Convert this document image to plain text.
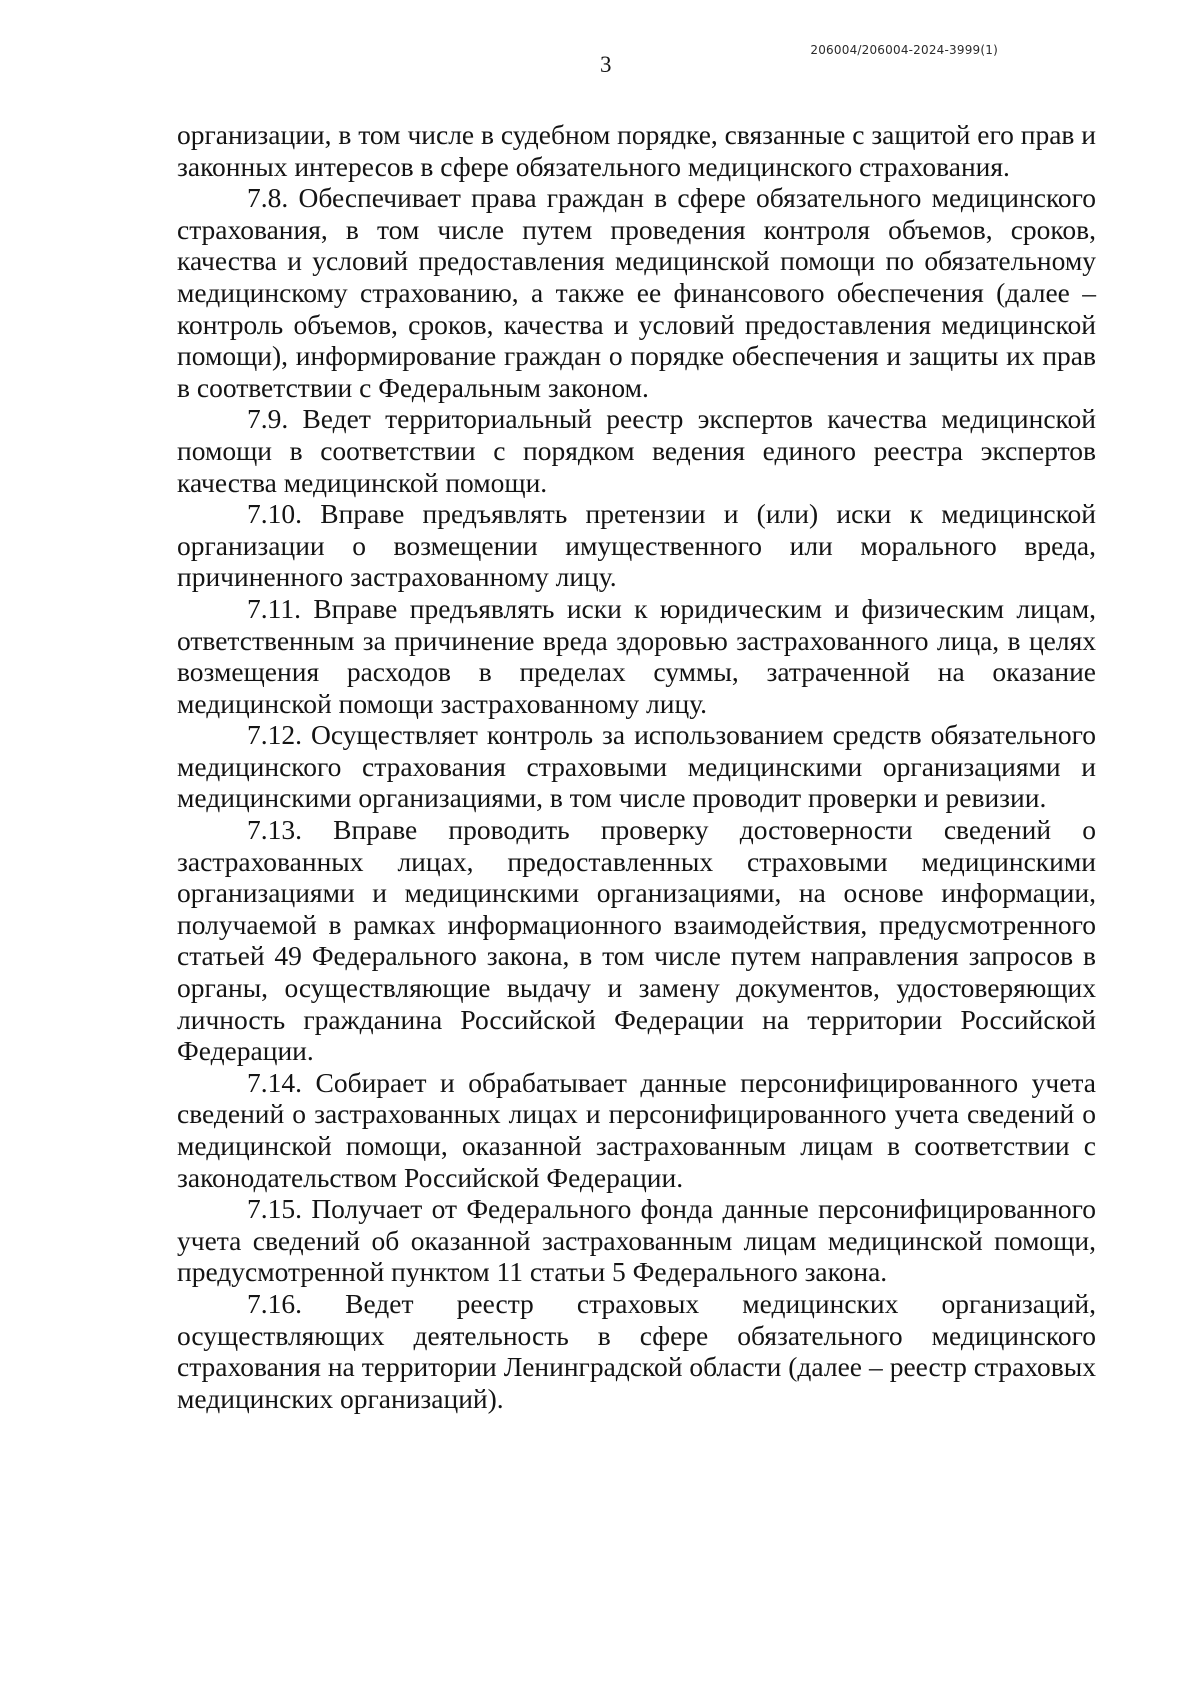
206004/206004-2024-3999(1)
3

организации, в том числе в судебном порядке, связанные с защитой его прав и законных интересов в сфере обязательного медицинского страхования.

7.8. Обеспечивает права граждан в сфере обязательного медицинского страхования, в том числе путем проведения контроля объемов, сроков, качества и условий предоставления медицинской помощи по обязательному медицинскому страхованию, а также ее финансового обеспечения (далее – контроль объемов, сроков, качества и условий предоставления медицинской помощи), информирование граждан о порядке обеспечения и защиты их прав в соответствии с Федеральным законом.

7.9. Ведет территориальный реестр экспертов качества медицинской помощи в соответствии с порядком ведения единого реестра экспертов качества медицинской помощи.

7.10. Вправе предъявлять претензии и (или) иски к медицинской организации о возмещении имущественного или морального вреда, причиненного застрахованному лицу.

7.11. Вправе предъявлять иски к юридическим и физическим лицам, ответственным за причинение вреда здоровью застрахованного лица, в целях возмещения расходов в пределах суммы, затраченной на оказание медицинской помощи застрахованному лицу.

7.12. Осуществляет контроль за использованием средств обязательного медицинского страхования страховыми медицинскими организациями и медицинскими организациями, в том числе проводит проверки и ревизии.

7.13. Вправе проводить проверку достоверности сведений о застрахованных лицах, предоставленных страховыми медицинскими организациями и медицинскими организациями, на основе информации, получаемой в рамках информационного взаимодействия, предусмотренного статьей 49 Федерального закона, в том числе путем направления запросов в органы, осуществляющие выдачу и замену документов, удостоверяющих личность гражданина Российской Федерации на территории Российской Федерации.

7.14. Собирает и обрабатывает данные персонифицированного учета сведений о застрахованных лицах и персонифицированного учета сведений о медицинской помощи, оказанной застрахованным лицам в соответствии с законодательством Российской Федерации.

7.15. Получает от Федерального фонда данные персонифицированного учета сведений об оказанной застрахованным лицам медицинской помощи, предусмотренной пунктом 11 статьи 5 Федерального закона.

7.16. Ведет реестр страховых медицинских организаций, осуществляющих деятельность в сфере обязательного медицинского страхования на территории Ленинградской области (далее – реестр страховых медицинских организаций).
